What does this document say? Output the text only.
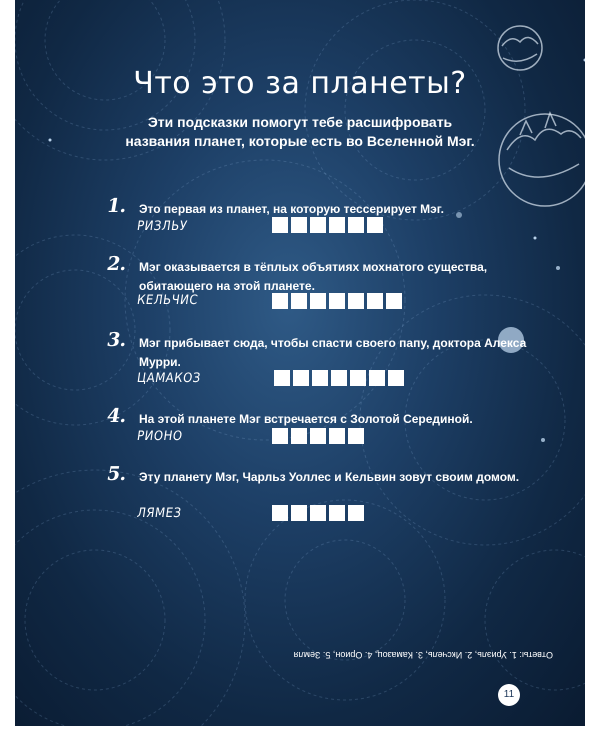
Что это за планеты?
Эти подсказки помогут тебе расшифровать названия планет, которые есть во Вселенной Мэг.
1. Это первая из планет, на которую тессерирует Мэг.
РИЗЛЬУ
2. Мэг оказывается в тёплых объятиях мохнатого существа, обитающего на этой планете.
КЕЛЬЧИС
3. Мэг прибывает сюда, чтобы спасти своего папу, доктора Алекса Мурри.
ЦАМАКОЗ
4. На этой планете Мэг встречается с Золотой Серединой.
РИОНО
5. Эту планету Мэг, Чарльз Уоллес и Кельвин зовут своим домом.
ЛЯМЕЗ
Ответы: 1. Уриэль, 2. Иксчель, 3. Камазоц, 4. Орион, 5. Земля
11
